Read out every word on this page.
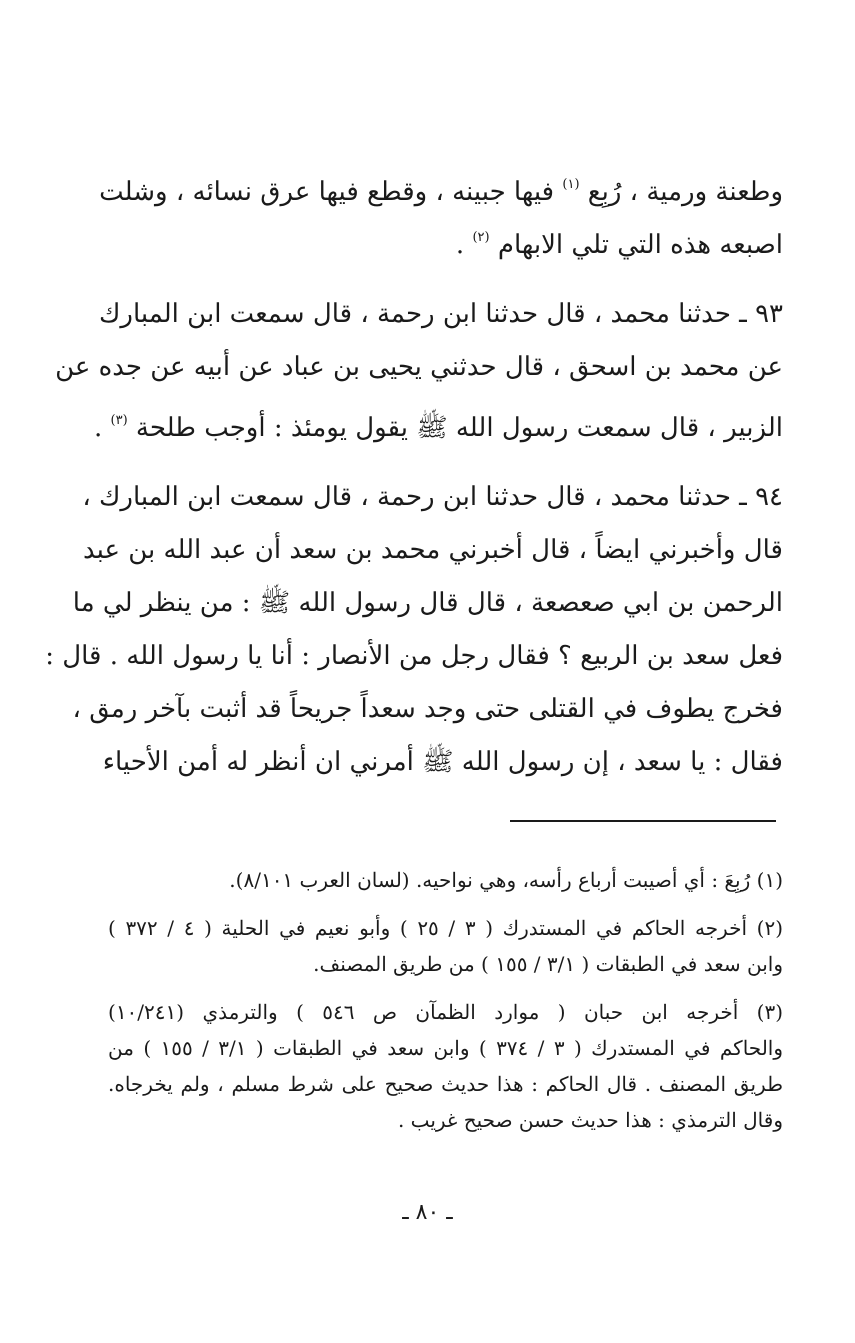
وطعنة ورمية ، رُبِع $^{(١)}$ فيها جبينه ، وقطع فيها عرق نسائه ، وشلت
اصبعه هذه التي تلي الابهام $^{(٢)}$ .
٩٣ ـ حدثنا محمد ، قال حدثنا ابن رحمة ، قال سمعت ابن المبارك
عن محمد بن اسحق ، قال حدثني يحيى بن عباد عن أبيه عن جده عن
الزبير ، قال سمعت رسول الله ﷺ يقول يومئذ : أوجب طلحة $^{(٣)}$ .
٩٤ ـ حدثنا محمد ، قال حدثنا ابن رحمة ، قال سمعت ابن المبارك ،
قال وأخبرني ايضاً ، قال أخبرني محمد بن سعد أن عبد الله بن عبد
الرحمن بن ابي صعصعة ، قال قال رسول الله ﷺ : من ينظر لي ما
فعل سعد بن الربيع ؟ فقال رجل من الأنصار : أنا يا رسول الله . قال :
فخرج يطوف في القتلى حتى وجد سعداً جريحاً قد أثبت بآخر رمق ،
فقال : يا سعد ، إن رسول الله ﷺ أمرني ان أنظر له أمن الأحياء
(١) رُبِعَ : أي أصيبت أرباع رأسه، وهي نواحيه. (لسان العرب ٨/١٠١).
(٢) أخرجه الحاكم في المستدرك ( ٣ / ٢٥ ) وأبو نعيم في الحلية ( ٤ / ٣٧٢ )
وابن سعد في الطبقات ( ٣/١ / ١٥٥ ) من طريق المصنف.
(٣) أخرجه ابن حبان ( موارد الظمآن ص ٥٤٦ ) والترمذي (١٠/٢٤١)
والحاكم في المستدرك ( ٣ / ٣٧٤ ) وابن سعد في الطبقات ( ٣/١ / ١٥٥ ) من
طريق المصنف . قال الحاكم : هذا حديث صحيح على شرط مسلم ، ولم يخرجاه.
وقال الترمذي : هذا حديث حسن صحيح غريب .
ـ ٨٠ ـ
